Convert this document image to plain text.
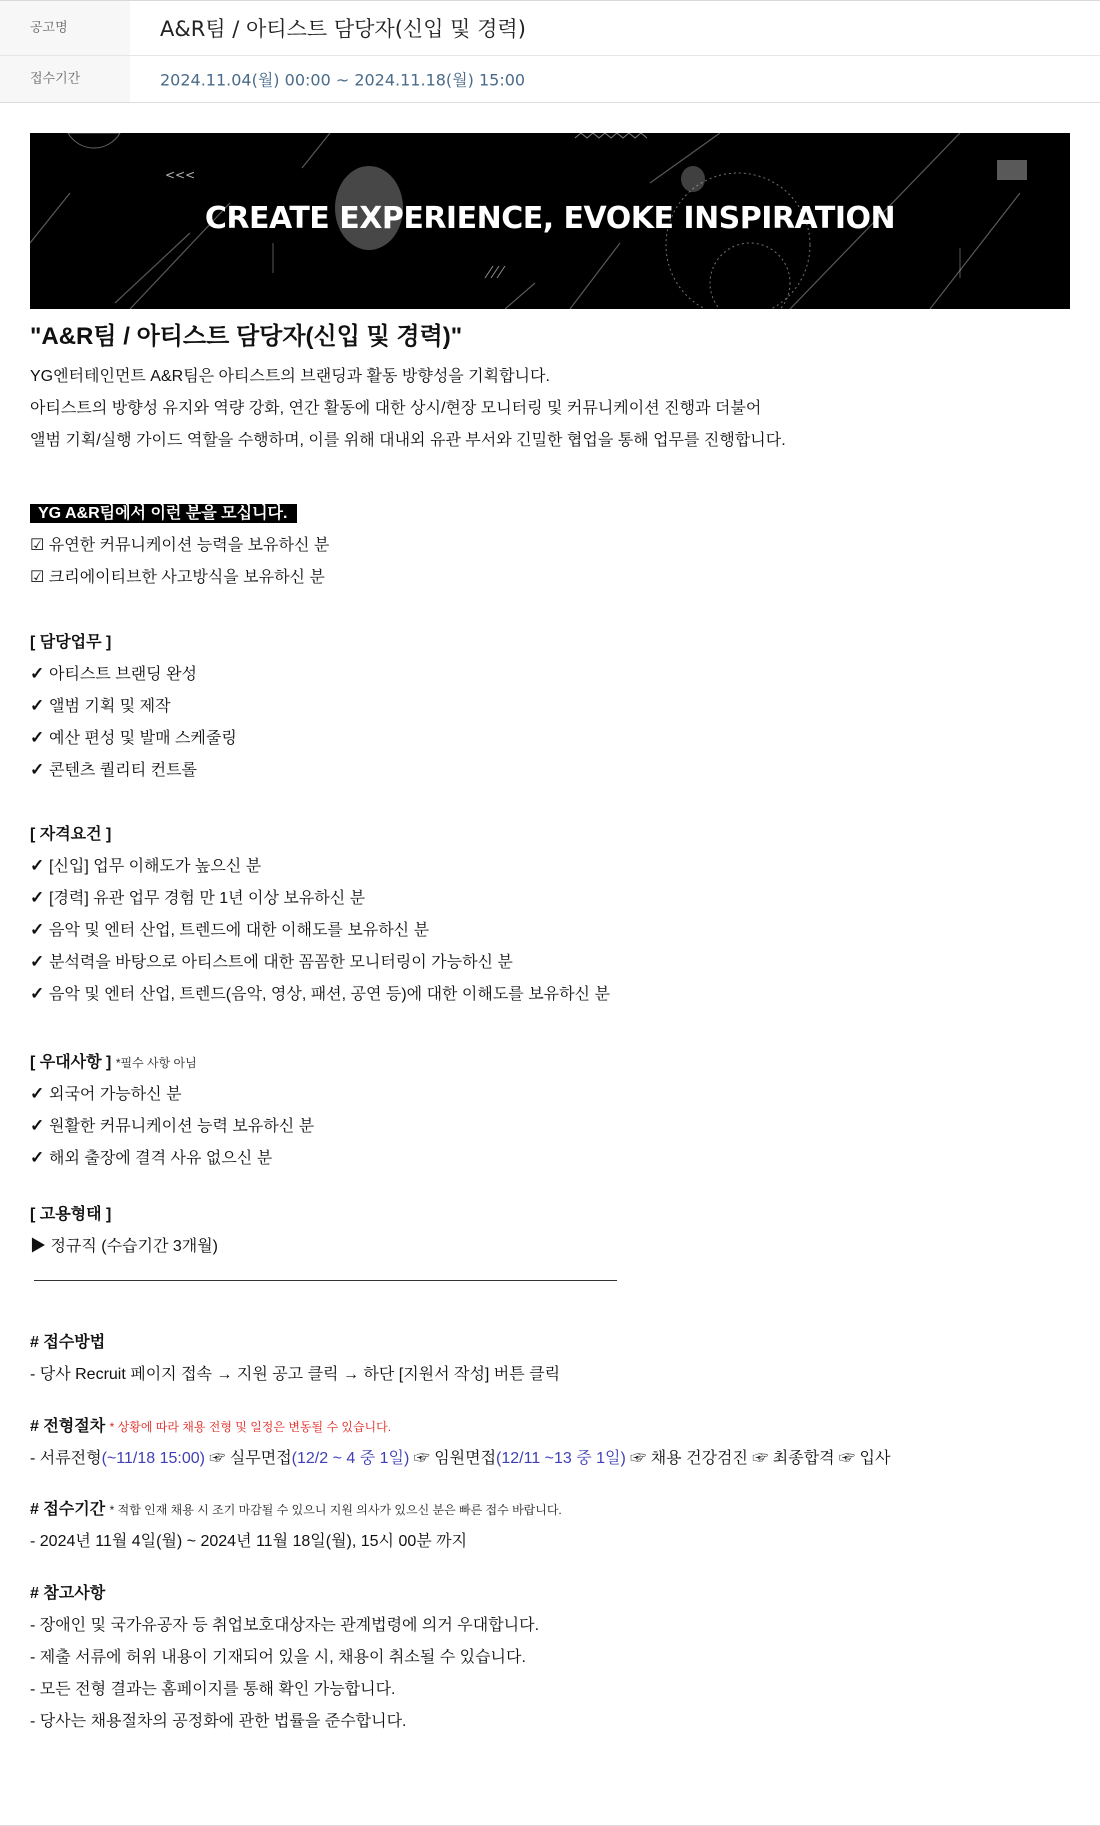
공고명	A&R팀 / 아티스트 담당자(신입 및 경력)
접수기간	2024.11.04(월) 00:00 ~ 2024.11.18(월) 15:00
<<<
CREATE EXPERIENCE, EVOKE INSPIRATION
"A&R팀 / 아티스트 담당자(신입 및 경력)"
YG엔터테인먼트 A&R팀은 아티스트의 브랜딩과 활동 방향성을 기획합니다.
아티스트의 방향성 유지와 역량 강화, 연간 활동에 대한 상시/현장 모니터링 및 커뮤니케이션 진행과 더불어
앨범 기획/실행 가이드 역할을 수행하며, 이를 위해 대내외 유관 부서와 긴밀한 협업을 통해 업무를 진행합니다.
YG A&R팀에서 이런 분을 모십니다.
☑ 유연한 커뮤니케이션 능력을 보유하신 분
☑ 크리에이티브한 사고방식을 보유하신 분
[ 담당업무 ]
✓ 아티스트 브랜딩 완성
✓ 앨범 기획 및 제작
✓ 예산 편성 및 발매 스케줄링
✓ 콘텐츠 퀄리티 컨트롤
[ 자격요건 ]
✓ [신입] 업무 이해도가 높으신 분
✓ [경력] 유관 업무 경험 만 1년 이상 보유하신 분
✓ 음악 및 엔터 산업, 트렌드에 대한 이해도를 보유하신 분
✓ 분석력을 바탕으로 아티스트에 대한 꼼꼼한 모니터링이 가능하신 분
✓ 음악 및 엔터 산업, 트렌드(음악, 영상, 패션, 공연 등)에 대한 이해도를 보유하신 분
[ 우대사항 ] *필수 사항 아님
✓ 외국어 가능하신 분
✓ 원활한 커뮤니케이션 능력 보유하신 분
✓ 해외 출장에 결격 사유 없으신 분
[ 고용형태 ]
▶ 정규직 (수습기간 3개월)
# 접수방법
- 당사 Recruit 페이지 접속 → 지원 공고 클릭 → 하단 [지원서 작성] 버튼 클릭
# 전형절차 * 상황에 따라 채용 전형 및 일정은 변동될 수 있습니다.
- 서류전형(~11/18 15:00) ☞ 실무면접(12/2 ~ 4 중 1일) ☞ 임원면접(12/11 ~13 중 1일) ☞ 채용 건강검진 ☞ 최종합격 ☞ 입사
# 접수기간 * 적합 인재 채용 시 조기 마감될 수 있으니 지원 의사가 있으신 분은 빠른 접수 바랍니다.
- 2024년 11월 4일(월) ~ 2024년 11월 18일(월), 15시 00분 까지
# 참고사항
- 장애인 및 국가유공자 등 취업보호대상자는 관계법령에 의거 우대합니다.
- 제출 서류에 허위 내용이 기재되어 있을 시, 채용이 취소될 수 있습니다.
- 모든 전형 결과는 홈페이지를 통해 확인 가능합니다.
- 당사는 채용절차의 공정화에 관한 법률을 준수합니다.
